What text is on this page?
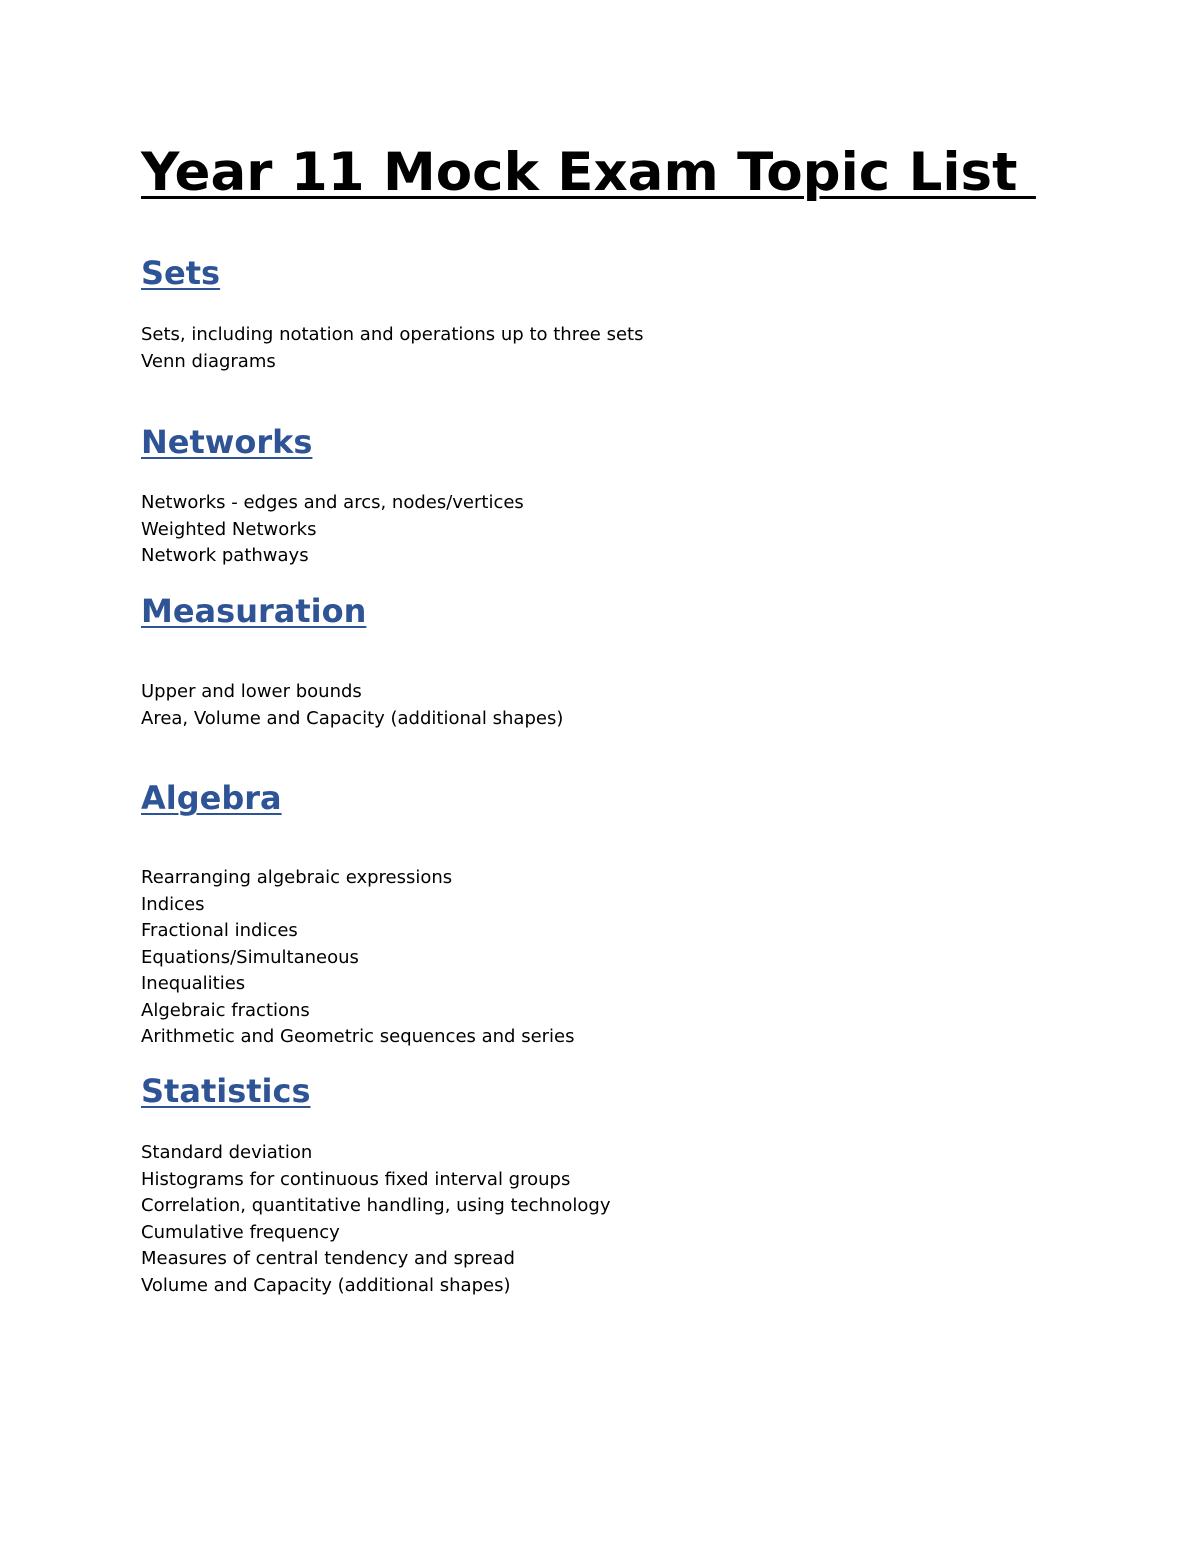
Year 11 Mock Exam Topic List
Sets
Sets, including notation and operations up to three sets
Venn diagrams
Networks
Networks - edges and arcs, nodes/vertices
Weighted Networks
Network pathways
Measuration
Upper and lower bounds
Area, Volume and Capacity (additional shapes)
Algebra
Rearranging algebraic expressions
Indices
Fractional indices
Equations/Simultaneous
Inequalities
Algebraic fractions
Arithmetic and Geometric sequences and series
Statistics
Standard deviation
Histograms for continuous fixed interval groups
Correlation, quantitative handling, using technology
Cumulative frequency
Measures of central tendency and spread
Volume and Capacity (additional shapes)
